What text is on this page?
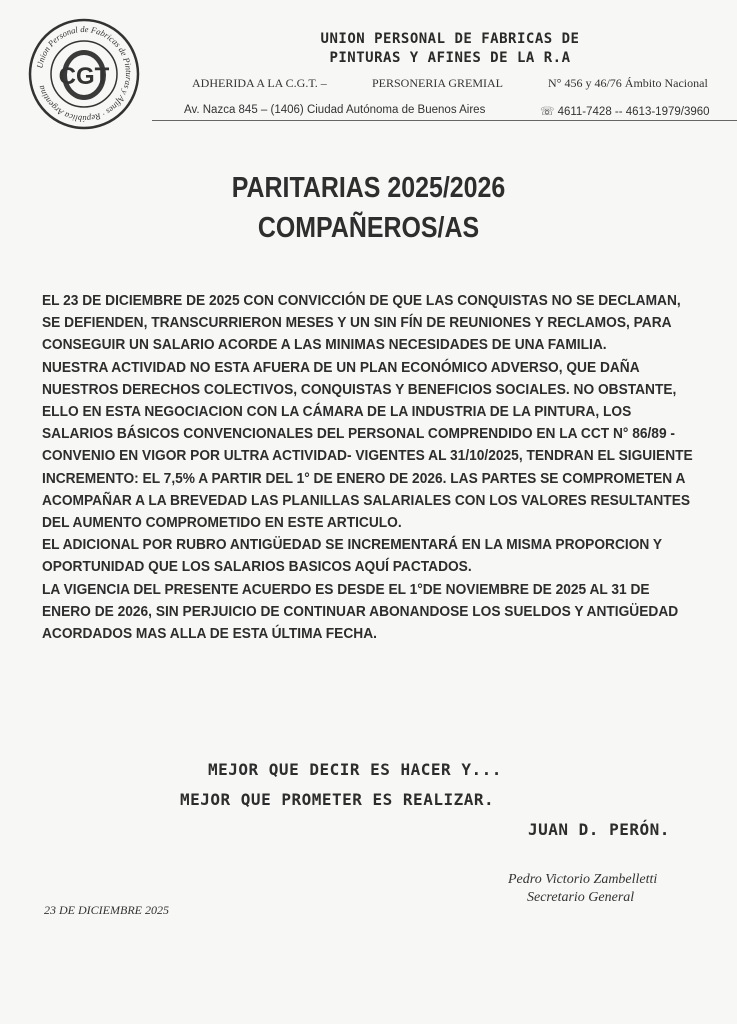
Union Personal de Fabricas de Pinturas y Afines · República Argentina CGT
UNION PERSONAL DE FABRICAS DE
PINTURAS Y AFINES DE LA R.A
ADHERIDA A LA C.G.T. –	PERSONERIA GREMIAL	N° 456 y 46/76 Ámbito Nacional
Av. Nazca 845 – (1406) Ciudad Autónoma de Buenos Aires	☏ 4611-7428 -- 4613-1979/3960
PARITARIAS 2025/2026
COMPAÑEROS/AS

EL 23 DE DICIEMBRE DE 2025 CON CONVICCIÓN DE QUE LAS CONQUISTAS NO SE DECLAMAN, SE DEFIENDEN, TRANSCURRIERON MESES Y UN SIN FÍN DE REUNIONES Y RECLAMOS, PARA CONSEGUIR UN SALARIO ACORDE A LAS MINIMAS NECESIDADES DE UNA FAMILIA.

NUESTRA ACTIVIDAD NO ESTA AFUERA DE UN PLAN ECONÓMICO ADVERSO, QUE DAÑA NUESTROS DERECHOS COLECTIVOS, CONQUISTAS Y BENEFICIOS SOCIALES. NO OBSTANTE, ELLO EN ESTA NEGOCIACION CON LA CÁMARA DE LA INDUSTRIA DE LA PINTURA, LOS SALARIOS BÁSICOS CONVENCIONALES DEL PERSONAL COMPRENDIDO EN LA CCT N° 86/89 - CONVENIO EN VIGOR POR ULTRA ACTIVIDAD- VIGENTES AL 31/10/2025, TENDRAN EL SIGUIENTE INCREMENTO: EL 7,5% A PARTIR DEL 1° DE ENERO DE 2026. LAS PARTES SE COMPROMETEN A ACOMPAÑAR A LA BREVEDAD LAS PLANILLAS SALARIALES CON LOS VALORES RESULTANTES DEL AUMENTO COMPROMETIDO EN ESTE ARTICULO.

EL ADICIONAL POR RUBRO ANTIGÜEDAD SE INCREMENTARÁ EN LA MISMA PROPORCION Y OPORTUNIDAD QUE LOS SALARIOS BASICOS AQUÍ PACTADOS.

LA VIGENCIA DEL PRESENTE ACUERDO ES DESDE EL 1°DE NOVIEMBRE DE 2025 AL 31 DE ENERO DE 2026, SIN PERJUICIO DE CONTINUAR ABONANDOSE LOS SUELDOS Y ANTIGÜEDAD ACORDADOS MAS ALLA DE ESTA ÚLTIMA FECHA.

MEJOR QUE DECIR ES HACER Y...
MEJOR QUE PROMETER ES REALIZAR.
JUAN D. PERÓN.
Pedro Victorio Zambelletti
Secretario General
23 DE DICIEMBRE 2025
